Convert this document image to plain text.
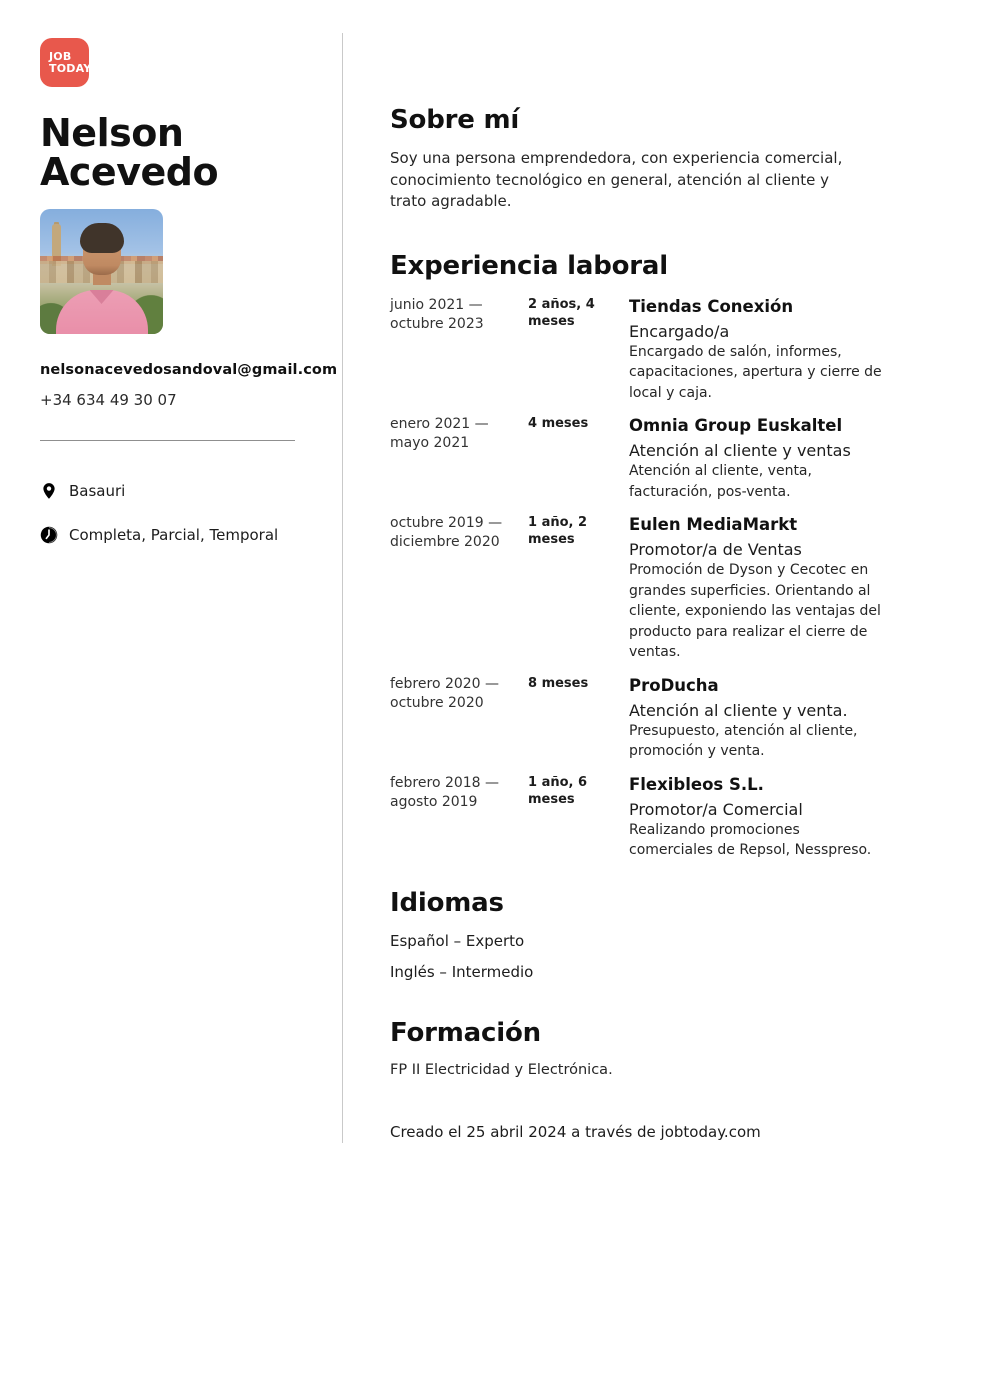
JOB
TODAY
Nelson
Acevedo
nelsonacevedosandoval@gmail.com
+34 634 49 30 07
Basauri
Completa, Parcial, Temporal
Sobre mí

Soy una persona emprendedora, con experiencia comercial, conocimiento tecnológico en general, atención al cliente y trato agradable.

Experiencia laboral
junio 2021 — octubre 2023
2 años, 4 meses
Tiendas Conexión
Encargado/a
Encargado de salón, informes, capacitaciones, apertura y cierre de local y caja.
enero 2021 — mayo 2021
4 meses	Omnia Group Euskaltel
Atención al cliente y ventas
Atención al cliente, venta, facturación, pos-venta.
octubre 2019 — diciembre 2020
1 año, 2 meses
Eulen MediaMarkt
Promotor/a de Ventas
Promoción de Dyson y Cecotec en grandes superficies. Orientando al cliente, exponiendo las ventajas del producto para realizar el cierre de ventas.
febrero 2020 — octubre 2020
8 meses	ProDucha
Atención al cliente y venta.
Presupuesto, atención al cliente, promoción y venta.
febrero 2018 — agosto 2019
1 año, 6 meses
Flexibleos S.L.
Promotor/a Comercial
Realizando promociones comerciales de Repsol, Nesspreso.
Idiomas

Español – Experto

Inglés – Intermedio

Formación

FP II Electricidad y Electrónica.

Creado el 25 abril 2024 a través de jobtoday.com
